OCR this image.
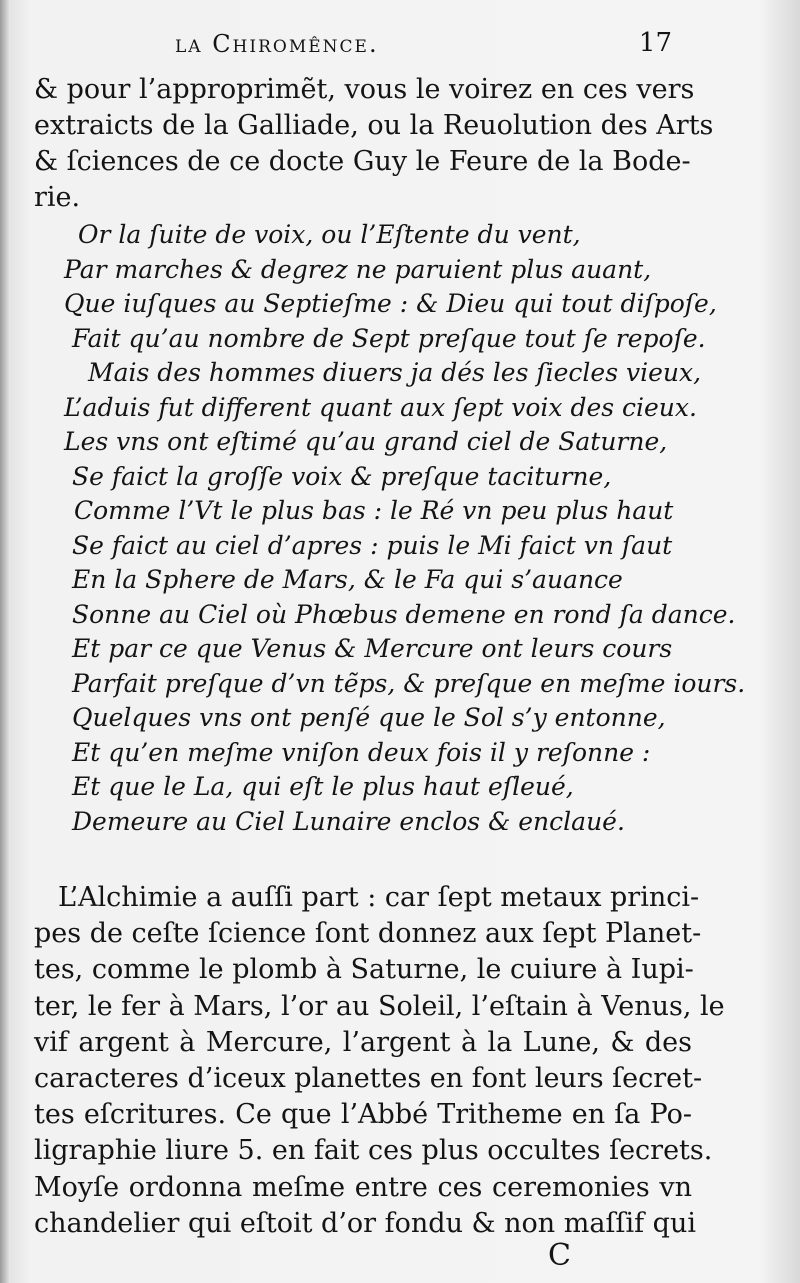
la Chiromênce.	17
& pour l’approprimẽt, vous le voirez en ces vers
extraicts de la Galliade, ou la Reuolution des Arts
& ſciences de ce docte Guy le Feure de la Bode-
rie.
Or la ſuite de voix, ou l’Eſtente du vent,
Par marches & degrez ne paruient plus auant,
Que iuſques au Septieſme : & Dieu qui tout diſpoſe,
Fait qu’au nombre de Sept preſque tout ſe repoſe.
Mais des hommes diuers ja dés les ſiecles vieux,
L’aduis fut different quant aux ſept voix des cieux.
Les vns ont eſtimé qu’au grand ciel de Saturne,
Se faict la groſſe voix & preſque taciturne,
Comme l’Vt le plus bas : le Ré vn peu plus haut
Se faict au ciel d’apres : puis le Mi faict vn ſaut
En la Sphere de Mars, & le Fa qui s’auance
Sonne au Ciel où Phœbus demene en rond ſa dance.
Et par ce que Venus & Mercure ont leurs cours
Parfait preſque d’vn tẽps, & preſque en meſme iours.
Quelques vns ont penſé que le Sol s’y entonne,
Et qu’en meſme vniſon deux fois il y reſonne :
Et que le La, qui eſt le plus haut eſleué,
Demeure au Ciel Lunaire enclos & enclaué.
L’Alchimie a auſſi part : car ſept metaux princi-
pes de ceſte ſcience ſont donnez aux ſept Planet-
tes, comme le plomb à Saturne, le cuiure à Iupi-
ter, le fer à Mars, l’or au Soleil, l’eſtain à Venus, le
vif argent à Mercure, l’argent à la Lune, & des
caracteres d’iceux planettes en font leurs ſecret-
tes eſcritures. Ce que l’Abbé Tritheme en ſa Po-
ligraphie liure 5. en fait ces plus occultes ſecrets.
Moyſe ordonna meſme entre ces ceremonies vn
chandelier qui eſtoit d’or fondu & non maſſif qui
C
